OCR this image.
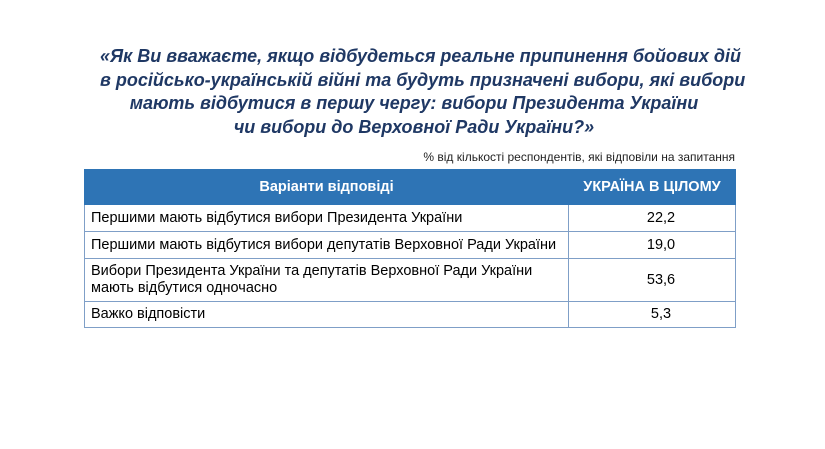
«Як Ви вважаєте, якщо відбудеться реальне припинення бойових дій
в російсько-українській війні та будуть призначені вибори, які вибори
мають відбутися в першу чергу: вибори Президента України
чи вибори до Верховної Ради України?»
% від кількості респондентів, які відповіли на запитання
Варіанти відповіді	УКРАЇНА В ЦІЛОМУ
Першими мають відбутися вибори Президента України	22,2
Першими мають відбутися вибори депутатів Верховної Ради України	19,0

Вибори Президента України та депутатів Верховної Ради України
мають відбутися одночасно	53,6
Важко відповісти	5,3
